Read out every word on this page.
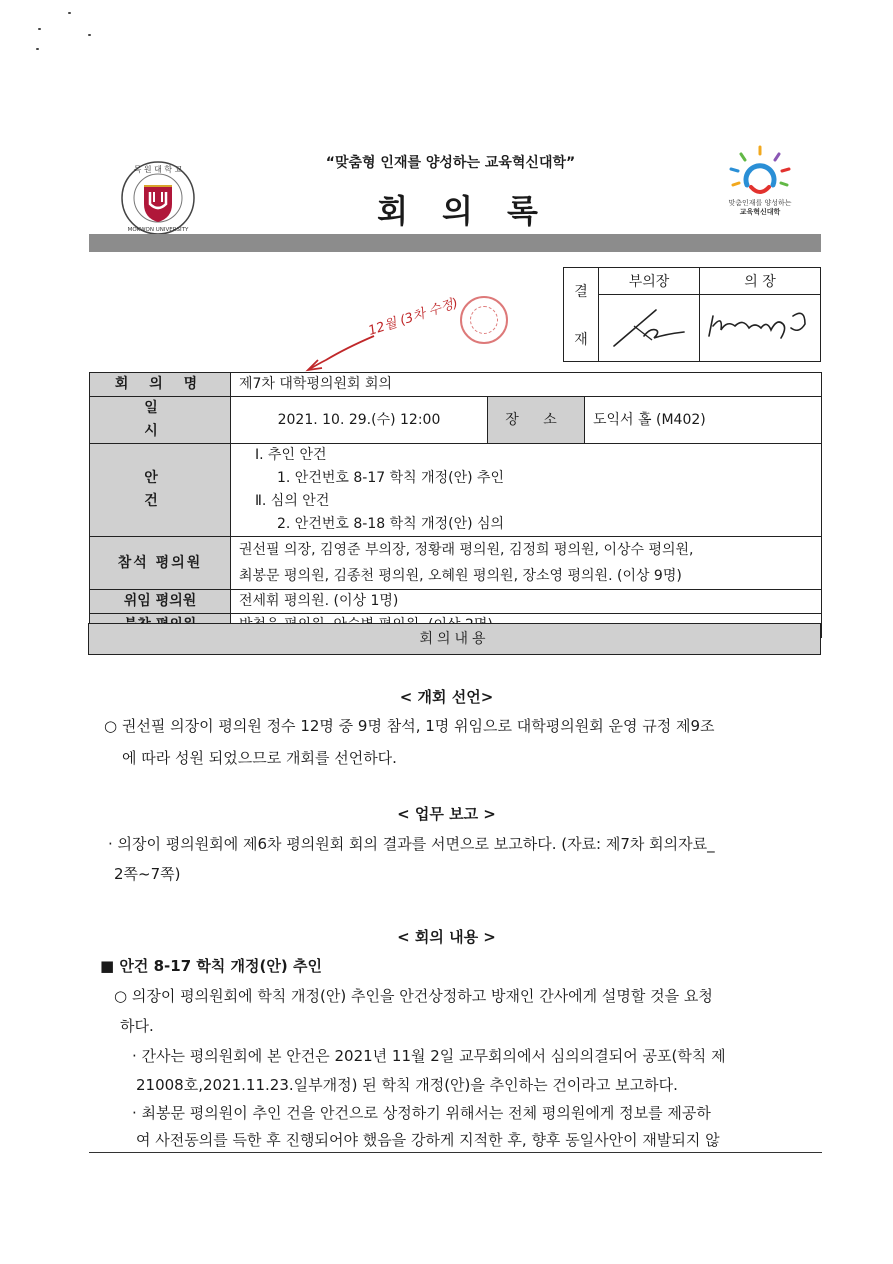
목 원 대 학 교
MOKWON UNIVERSITY
“맞춤형 인재를 양성하는 교육혁신대학”
회의록	맞춤인재를 양성하는
교육혁신대학
결
재	부의장	의 장

12월 (3차 수정)
회 의 명	제7차 대학평의원회 회의		
일 시	2021. 10. 29.(수) 12:00	장 소	도익서 홀 (M402)
안 건	Ⅰ. 추인 안건
1. 안건번호 8-17 학칙 개정(안) 추인
Ⅱ. 심의 안건
2. 안건번호 8-18 학칙 개정(안) 심의		

참석 평의원	권선필 의장, 김영준 부의장, 정황래 평의원, 김정희 평의원, 이상수 평의원,
최봉문 평의원, 김종천 평의원, 오혜원 평의원, 장소영 평의원. (이상 9명)		

위임 평의원	전세휘 평의원. (이상 1명)		

회의내용
< 개회 선언>
○ 권선필 의장이 평의원 정수 12명 중 9명 참석, 1명 위임으로 대학평의원회 운영 규정 제9조
에 따라 성원 되었으므로 개회를 선언하다.
< 업무 보고 >
· 의장이 평의원회에 제6차 평의원회 회의 결과를 서면으로 보고하다. (자료: 제7차 회의자료_
2쪽~7쪽)
< 회의 내용 >
■ 안건 8-17 학칙 개정(안) 추인
○ 의장이 평의원회에 학칙 개정(안) 추인을 안건상정하고 방재인 간사에게 설명할 것을 요청
하다.
· 간사는 평의원회에 본 안건은 2021년 11월 2일 교무회의에서 심의의결되어 공포(학칙 제
21008호,2021.11.23.일부개정) 된 학칙 개정(안)을 추인하는 건이라고 보고하다.
· 최봉문 평의원이 추인 건을 안건으로 상정하기 위해서는 전체 평의원에게 정보를 제공하
여 사전동의를 득한 후 진행되어야 했음을 강하게 지적한 후, 향후 동일사안이 재발되지 않
